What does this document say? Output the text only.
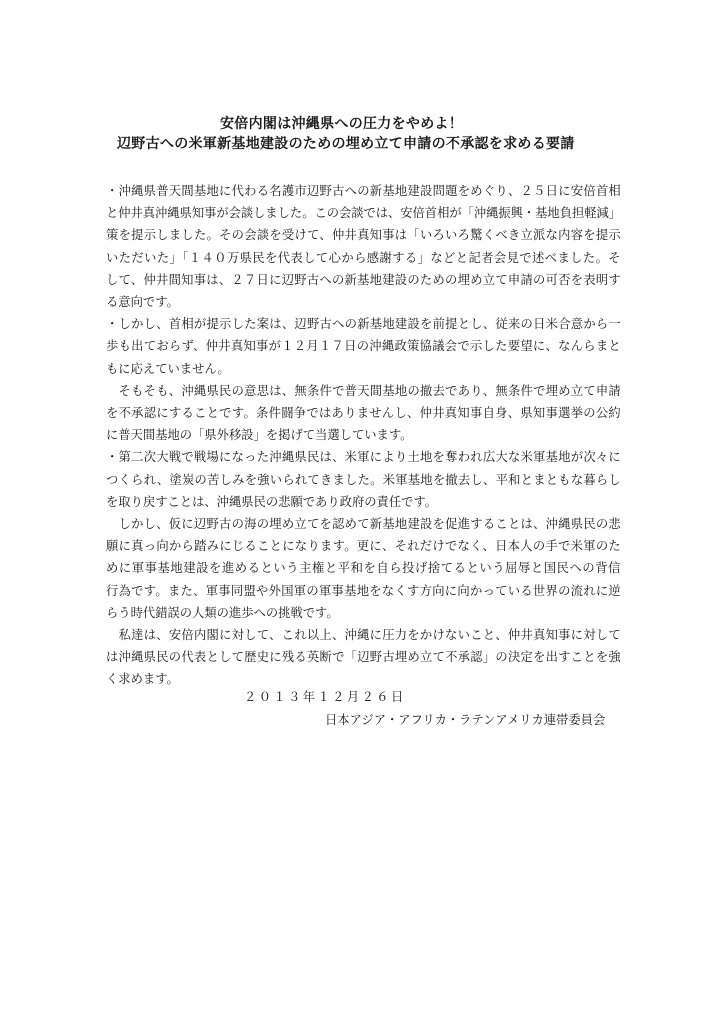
安倍内閣は沖縄県への圧力をやめよ！
辺野古への米軍新基地建設のための埋め立て申請の不承認を求める要請
・沖縄県普天間基地に代わる名護市辺野古への新基地建設問題をめぐり、２５日に安倍首相
と仲井真沖縄県知事が会談しました。この会談では、安倍首相が「沖縄振興・基地負担軽減」
策を提示しました。その会談を受けて、仲井真知事は「いろいろ驚くべき立派な内容を提示
いただいた」「１４０万県民を代表して心から感謝する」などと記者会見で述べました。そ
して、仲井間知事は、２７日に辺野古への新基地建設のための埋め立て申請の可否を表明す
る意向です。
・しかし、首相が提示した案は、辺野古への新基地建設を前提とし、従来の日米合意から一
歩も出ておらず、仲井真知事が１２月１７日の沖縄政策協議会で示した要望に、なんらまと
もに応えていません。
　そもそも、沖縄県民の意思は、無条件で普天間基地の撤去であり、無条件で埋め立て申請
を不承認にすることです。条件闘争ではありませんし、仲井真知事自身、県知事選挙の公約
に普天間基地の「県外移設」を掲げて当選しています。
・第二次大戦で戦場になった沖縄県民は、米軍により土地を奪われ広大な米軍基地が次々に
つくられ、塗炭の苦しみを強いられてきました。米軍基地を撤去し、平和とまともな暮らし
を取り戻すことは、沖縄県民の悲願であり政府の責任です。
　しかし、仮に辺野古の海の埋め立てを認めて新基地建設を促進することは、沖縄県民の悲
願に真っ向から踏みにじることになります。更に、それだけでなく、日本人の手で米軍のた
めに軍事基地建設を進めるという主権と平和を自ら投げ捨てるという屈辱と国民への背信
行為です。また、軍事同盟や外国軍の軍事基地をなくす方向に向かっている世界の流れに逆
らう時代錯誤の人類の進歩への挑戦です。
　私達は、安倍内閣に対して、これ以上、沖縄に圧力をかけないこと、仲井真知事に対して
は沖縄県民の代表として歴史に残る英断で「辺野古埋め立て不承認」の決定を出すことを強
く求めます。
２０１３年１２月２６日
日本アジア・アフリカ・ラテンアメリカ連帯委員会
